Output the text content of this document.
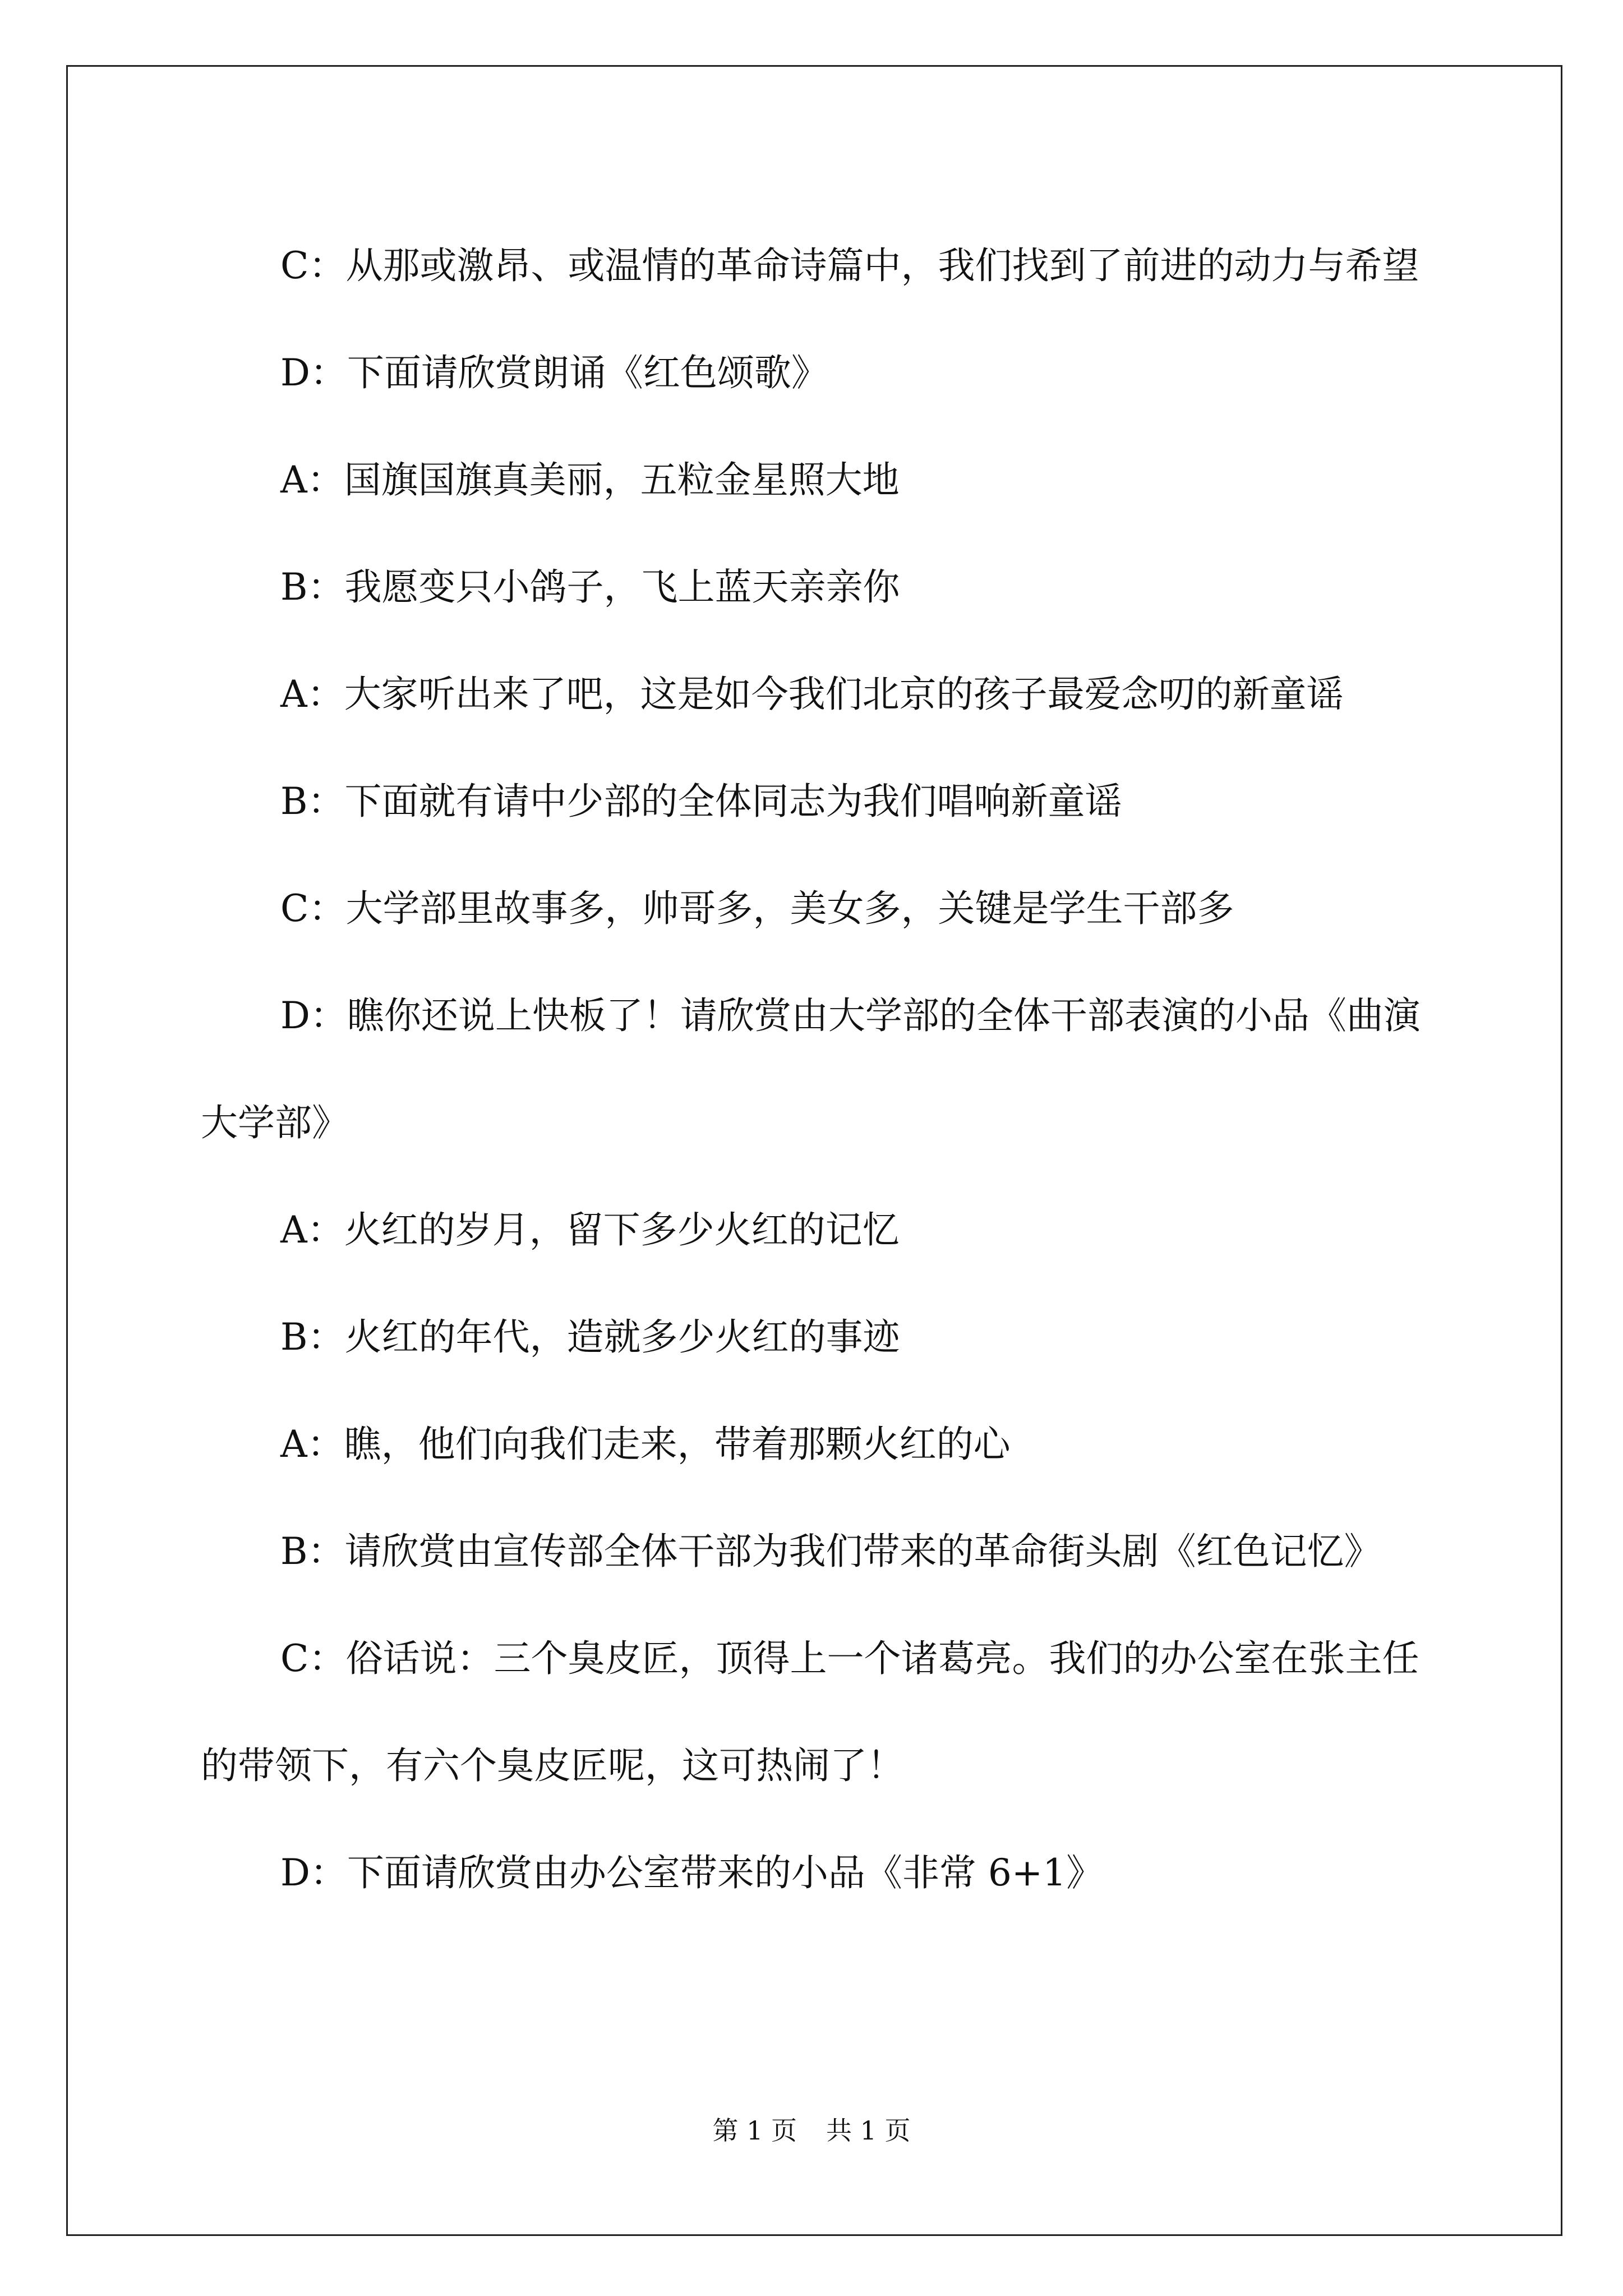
C：从那或激昂、或温情的革命诗篇中，我们找到了前进的动力与希望

D：下面请欣赏朗诵《红色颂歌》

A：国旗国旗真美丽，五粒金星照大地

B：我愿变只小鸽子，飞上蓝天亲亲你

A：大家听出来了吧，这是如今我们北京的孩子最爱念叨的新童谣

B：下面就有请中少部的全体同志为我们唱响新童谣

C：大学部里故事多，帅哥多，美女多，关键是学生干部多

D：瞧你还说上快板了！请欣赏由大学部的全体干部表演的小品《曲演大学部》

A：火红的岁月，留下多少火红的记忆

B：火红的年代，造就多少火红的事迹

A：瞧，他们向我们走来，带着那颗火红的心

B：请欣赏由宣传部全体干部为我们带来的革命街头剧《红色记忆》

C：俗话说：三个臭皮匠，顶得上一个诸葛亮。我们的办公室在张主任的带领下，有六个臭皮匠呢，这可热闹了！

D：下面请欣赏由办公室带来的小品《非常 6+1》

第 1 页 共 1 页
